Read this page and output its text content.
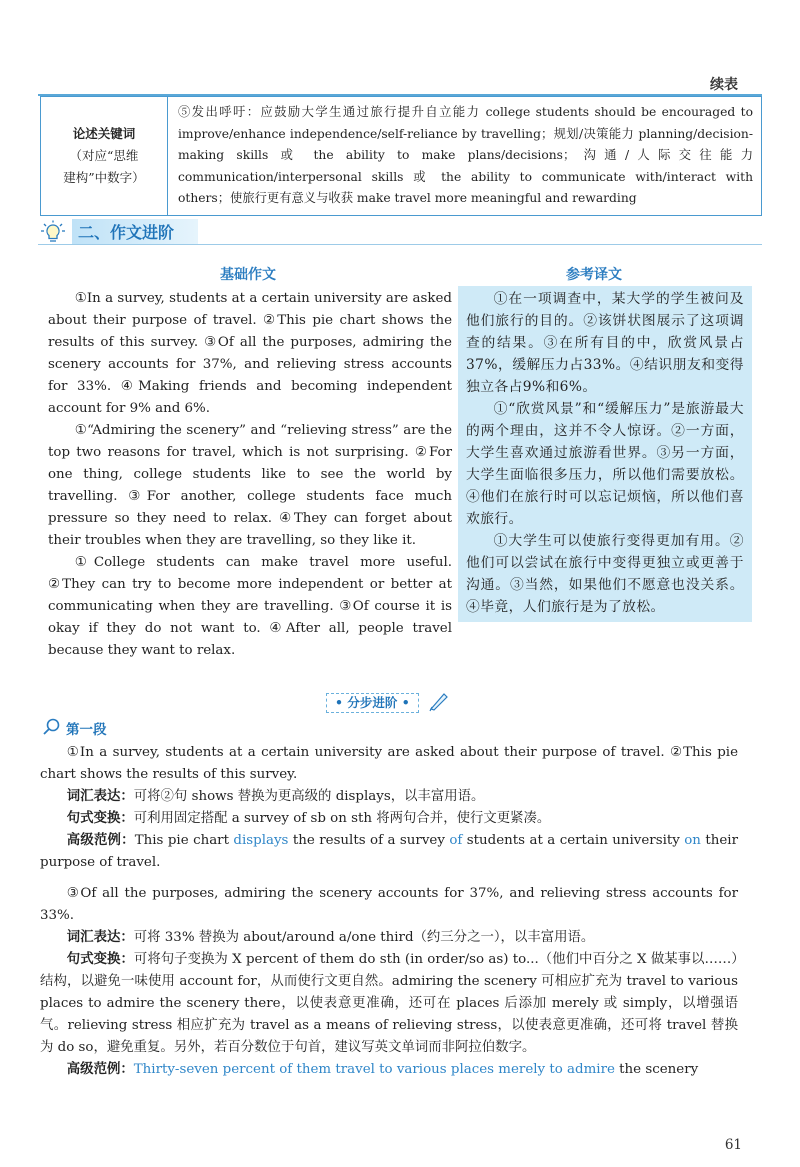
续表
论述关键词
（对应“思维
建构”中数字）
	⑤发出呼吁：应鼓励大学生通过旅行提升自立能力 college students should be encouraged to improve/enhance independence/self-reliance by travelling；规划/决策能力 planning/decision-making skills 或 the ability to make plans/decisions；沟通/人际交往能力 communication/interpersonal skills 或 the ability to communicate with/interact with others；使旅行更有意义与收获 make travel more meaningful and rewarding
二、作文进阶
基础作文	参考译文

①In a survey, students at a certain university are asked about their purpose of travel. ②This pie chart shows the results of this survey. ③Of all the purposes, admiring the scenery accounts for 37%, and relieving stress accounts for 33%. ④Making friends and becoming independent account for 9% and 6%.

①“Admiring the scenery” and “relieving stress” are the top two reasons for travel, which is not surprising. ②For one thing, college students like to see the world by travelling. ③For another, college students face much pressure so they need to relax. ④They can forget about their troubles when they are travelling, so they like it.

①College students can make travel more useful. ②They can try to become more independent or better at communicating when they are travelling. ③Of course it is okay if they do not want to. ④After all, people travel because they want to relax.

①在一项调查中，某大学的学生被问及他们旅行的目的。②该饼状图展示了这项调查的结果。③在所有目的中，欣赏风景占37%，缓解压力占33%。④结识朋友和变得独立各占9%和6%。

①“欣赏风景”和“缓解压力”是旅游最大的两个理由，这并不令人惊讶。②一方面，大学生喜欢通过旅游看世界。③另一方面，大学生面临很多压力，所以他们需要放松。④他们在旅行时可以忘记烦恼，所以他们喜欢旅行。

①大学生可以使旅行变得更加有用。②他们可以尝试在旅行中变得更独立或更善于沟通。③当然，如果他们不愿意也没关系。④毕竟，人们旅行是为了放松。

• 分步进阶 •
第一段

①In a survey, students at a certain university are asked about their purpose of travel. ②This pie chart shows the results of this survey.

词汇表达：可将②句 shows 替换为更高级的 displays，以丰富用语。

句式变换：可利用固定搭配 a survey of sb on sth 将两句合并，使行文更紧凑。

高级范例：This pie chart displays the results of a survey of students at a certain university on their purpose of travel.

③Of all the purposes, admiring the scenery accounts for 37%, and relieving stress accounts for 33%.

词汇表达：可将 33% 替换为 about/around a/one third（约三分之一），以丰富用语。

句式变换：可将句子变换为 X percent of them do sth (in order/so as) to...（他们中百分之 X 做某事以……）结构，以避免一味使用 account for，从而使行文更自然。admiring the scenery 可相应扩充为 travel to various places to admire the scenery there，以使表意更准确，还可在 places 后添加 merely 或 simply，以增强语气。relieving stress 相应扩充为 travel as a means of relieving stress，以使表意更准确，还可将 travel 替换为 do so，避免重复。另外，若百分数位于句首，建议写英文单词而非阿拉伯数字。

高级范例：Thirty-seven percent of them travel to various places merely to admire the scenery

61
